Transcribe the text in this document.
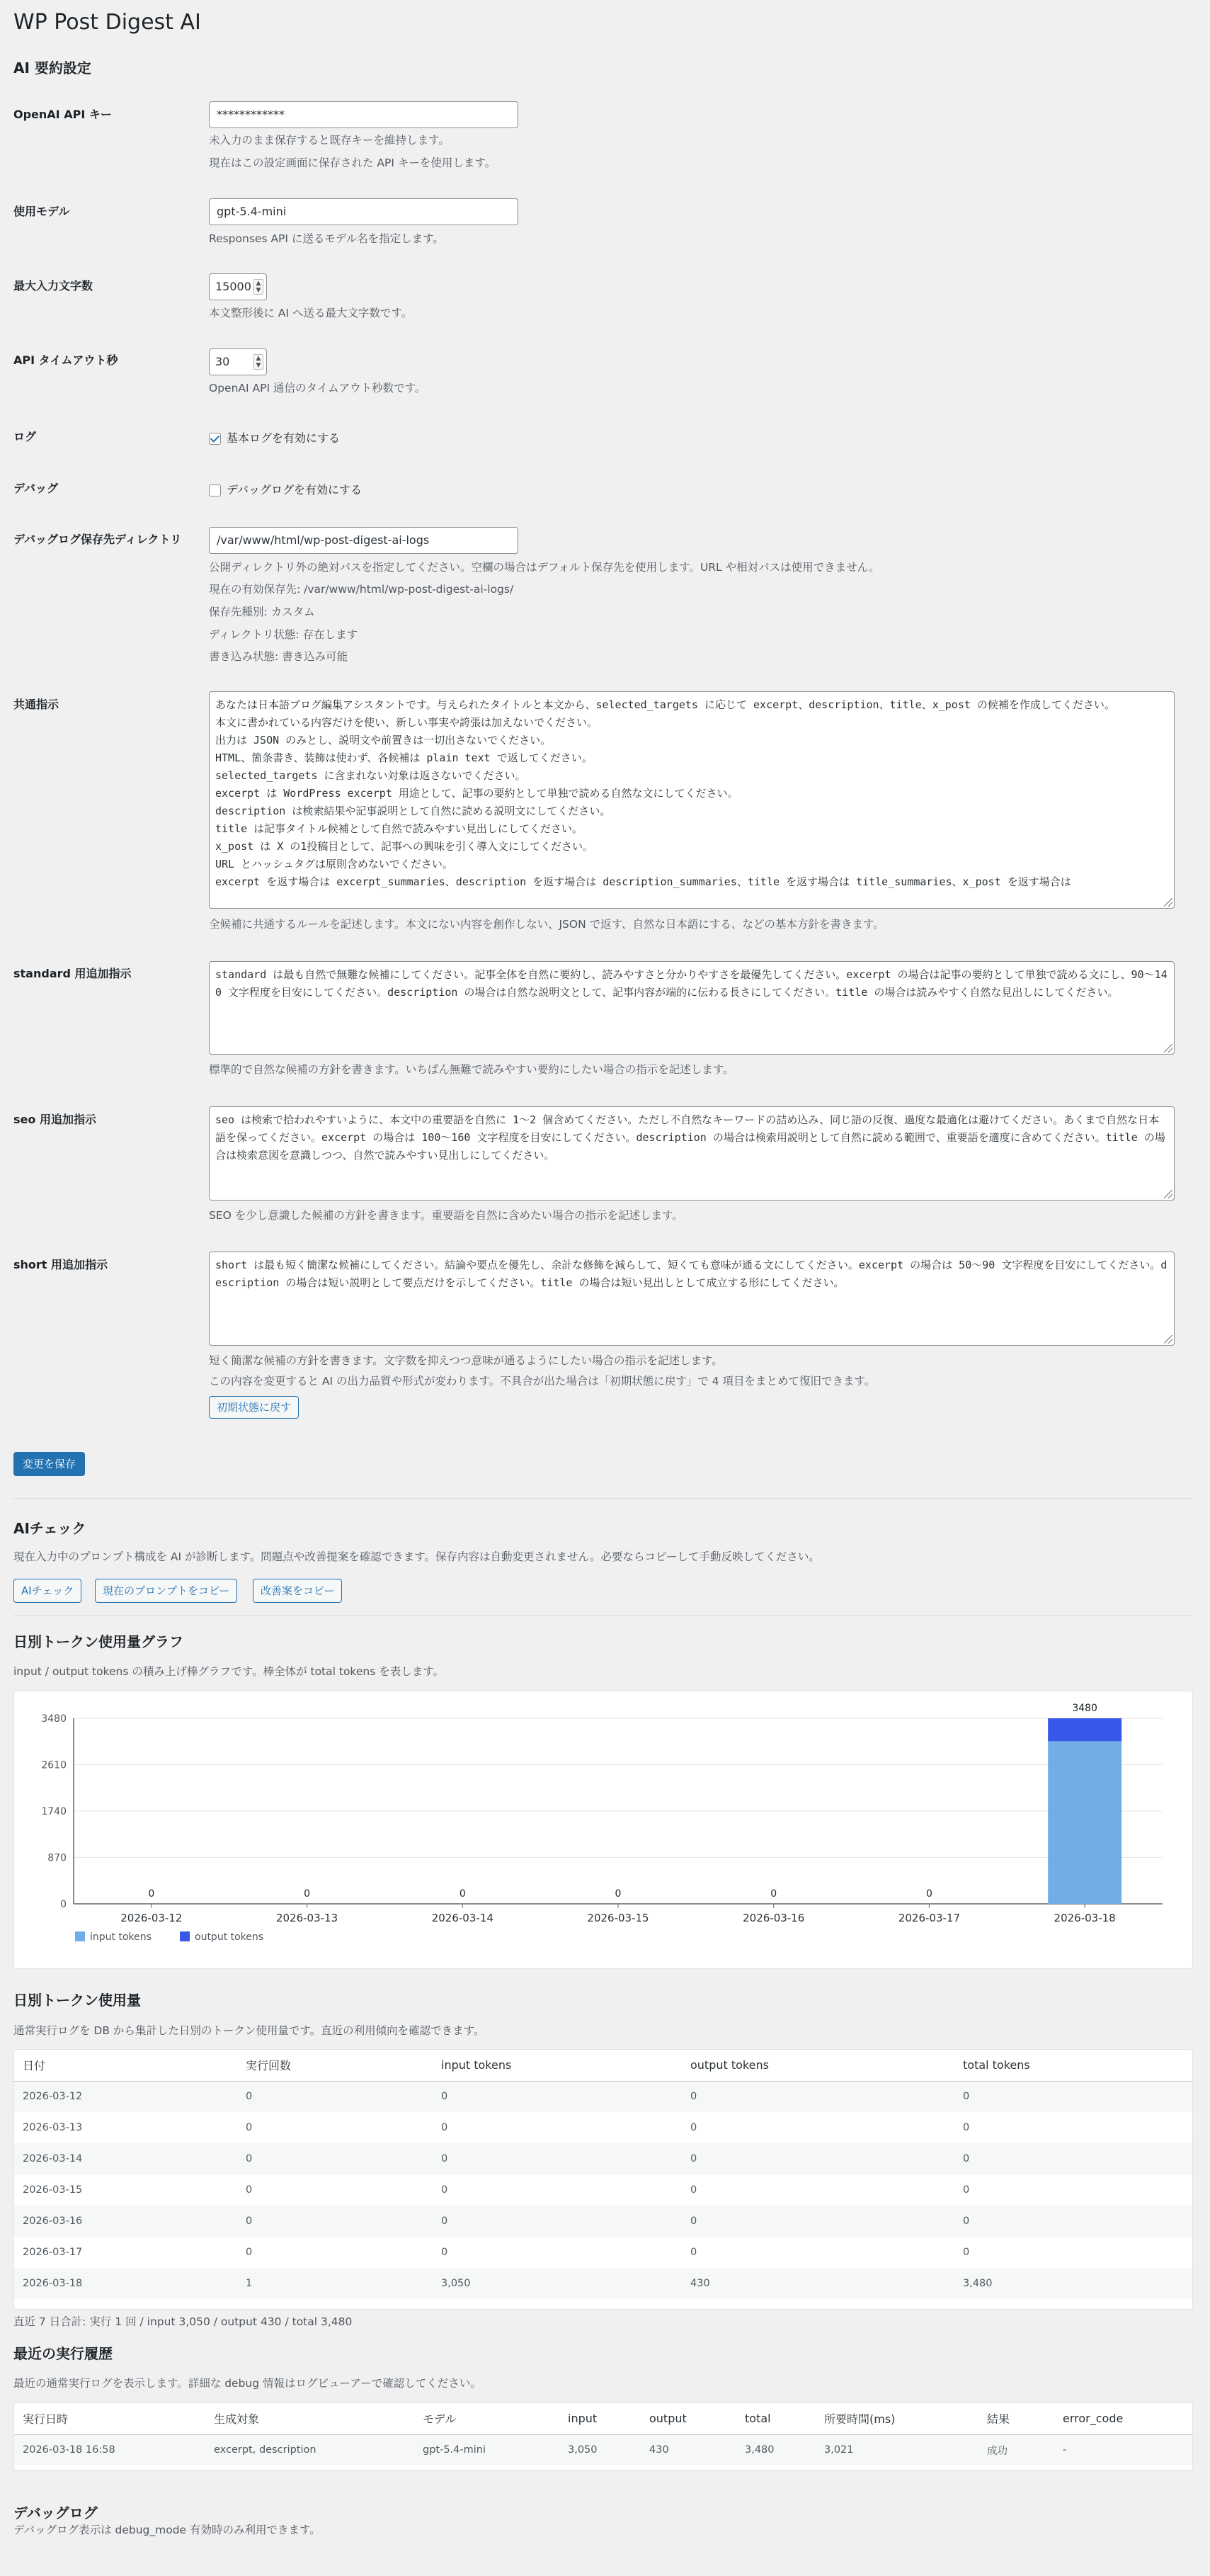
WP Post Digest AI
AI 要約設定
OpenAI API キー	************
未入力のまま保存すると既存キーを維持します。
現在はこの設定画面に保存された API キーを使用します。
使用モデル	gpt-5.4-mini
Responses API に送るモデル名を指定します。
最大入力文字数	15000 ▲
▼
本文整形後に AI へ送る最大文字数です。
API タイムアウト秒	30	▲
▼
OpenAI API 通信のタイムアウト秒数です。
ログ	基本ログを有効にする
デバッグ	デバッグログを有効にする
デバッグログ保存先ディレクトリ	/var/www/html/wp-post-digest-ai-logs
公開ディレクトリ外の絶対パスを指定してください。空欄の場合はデフォルト保存先を使用します。URL や相対パスは使用できません。
現在の有効保存先: /var/www/html/wp-post-digest-ai-logs/
保存先種別: カスタム
ディレクトリ状態: 存在します
書き込み状態: 書き込み可能
共通指示	あなたは日本語ブログ編集アシスタントです。与えられたタイトルと本文から、selected_targets に応じて excerpt、description、title、x_post の候補を作成してください。
本文に書かれている内容だけを使い、新しい事実や誇張は加えないでください。
出力は JSON のみとし、説明文や前置きは一切出さないでください。
HTML、箇条書き、装飾は使わず、各候補は plain text で返してください。
selected_targets に含まれない対象は返さないでください。
excerpt は WordPress excerpt 用途として、記事の要約として単独で読める自然な文にしてください。
description は検索結果や記事説明として自然に読める説明文にしてください。
title は記事タイトル候補として自然で読みやすい見出しにしてください。
x_post は X の1投稿目として、記事への興味を引く導入文にしてください。
URL とハッシュタグは原則含めないでください。
excerpt を返す場合は excerpt_summaries、description を返す場合は description_summaries、title を返す場合は title_summaries、x_post を返す場合は
全候補に共通するルールを記述します。本文にない内容を創作しない、JSON で返す、自然な日本語にする、などの基本方針を書きます。
standard 用追加指示	standard は最も自然で無難な候補にしてください。記事全体を自然に要約し、読みやすさと分かりやすさを最優先してください。excerpt の場合は記事の要約として単独で読める文にし、90〜140 文字程度を目安にしてください。description の場合は自然な説明文として、記事内容が端的に伝わる長さにしてください。title の場合は読みやすく自然な見出しにしてください。
標準的で自然な候補の方針を書きます。いちばん無難で読みやすい要約にしたい場合の指示を記述します。
seo 用追加指示	seo は検索で拾われやすいように、本文中の重要語を自然に 1〜2 個含めてください。ただし不自然なキーワードの詰め込み、同じ語の反復、過度な最適化は避けてください。あくまで自然な日本語を保ってください。excerpt の場合は 100〜160 文字程度を目安にしてください。description の場合は検索用説明として自然に読める範囲で、重要語を適度に含めてください。title の場合は検索意図を意識しつつ、自然で読みやすい見出しにしてください。
SEO を少し意識した候補の方針を書きます。重要語を自然に含めたい場合の指示を記述します。
short 用追加指示	short は最も短く簡潔な候補にしてください。結論や要点を優先し、余計な修飾を減らして、短くても意味が通る文にしてください。excerpt の場合は 50〜90 文字程度を目安にしてください。description の場合は短い説明として要点だけを示してください。title の場合は短い見出しとして成立する形にしてください。
短く簡潔な候補の方針を書きます。文字数を抑えつつ意味が通るようにしたい場合の指示を記述します。
この内容を変更すると AI の出力品質や形式が変わります。不具合が出た場合は「初期状態に戻す」で 4 項目をまとめて復旧できます。
初期状態に戻す
変更を保存
AIチェック
現在入力中のプロンプト構成を AI が診断します。問題点や改善提案を確認できます。保存内容は自動変更されません。必要ならコピーして手動反映してください。
AIチェック	現在のプロンプトをコピー	改善案をコピー
日別トークン使用量グラフ
input / output tokens の積み上げ棒グラフです。棒全体が total tokens を表します。
0
870
1740
2610
3480
0
2026-03-12
0
2026-03-13
0
2026-03-14
0
2026-03-15
0
2026-03-16
0
2026-03-17
3480
2026-03-18
input tokens	output tokens
日別トークン使用量
通常実行ログを DB から集計した日別のトークン使用量です。直近の利用傾向を確認できます。
日付	実行回数	input tokens	output tokens	total tokens
2026-03-12	0	0	0	0
2026-03-13	0	0	0	0
2026-03-14	0	0	0	0
2026-03-15	0	0	0	0
2026-03-16	0	0	0	0
2026-03-17	0	0	0	0
2026-03-18	1	3,050	430	3,480
直近 7 日合計: 実行 1 回 / input 3,050 / output 430 / total 3,480
最近の実行履歴
最近の通常実行ログを表示します。詳細な debug 情報はログビューアーで確認してください。
実行日時	生成対象	モデル	input	output	total	所要時間(ms)	結果	error_code
2026-03-18 16:58	excerpt, description	gpt-5.4-mini	3,050	430	3,480	3,021	成功	-
デバッグログ
デバッグログ表示は debug_mode 有効時のみ利用できます。
